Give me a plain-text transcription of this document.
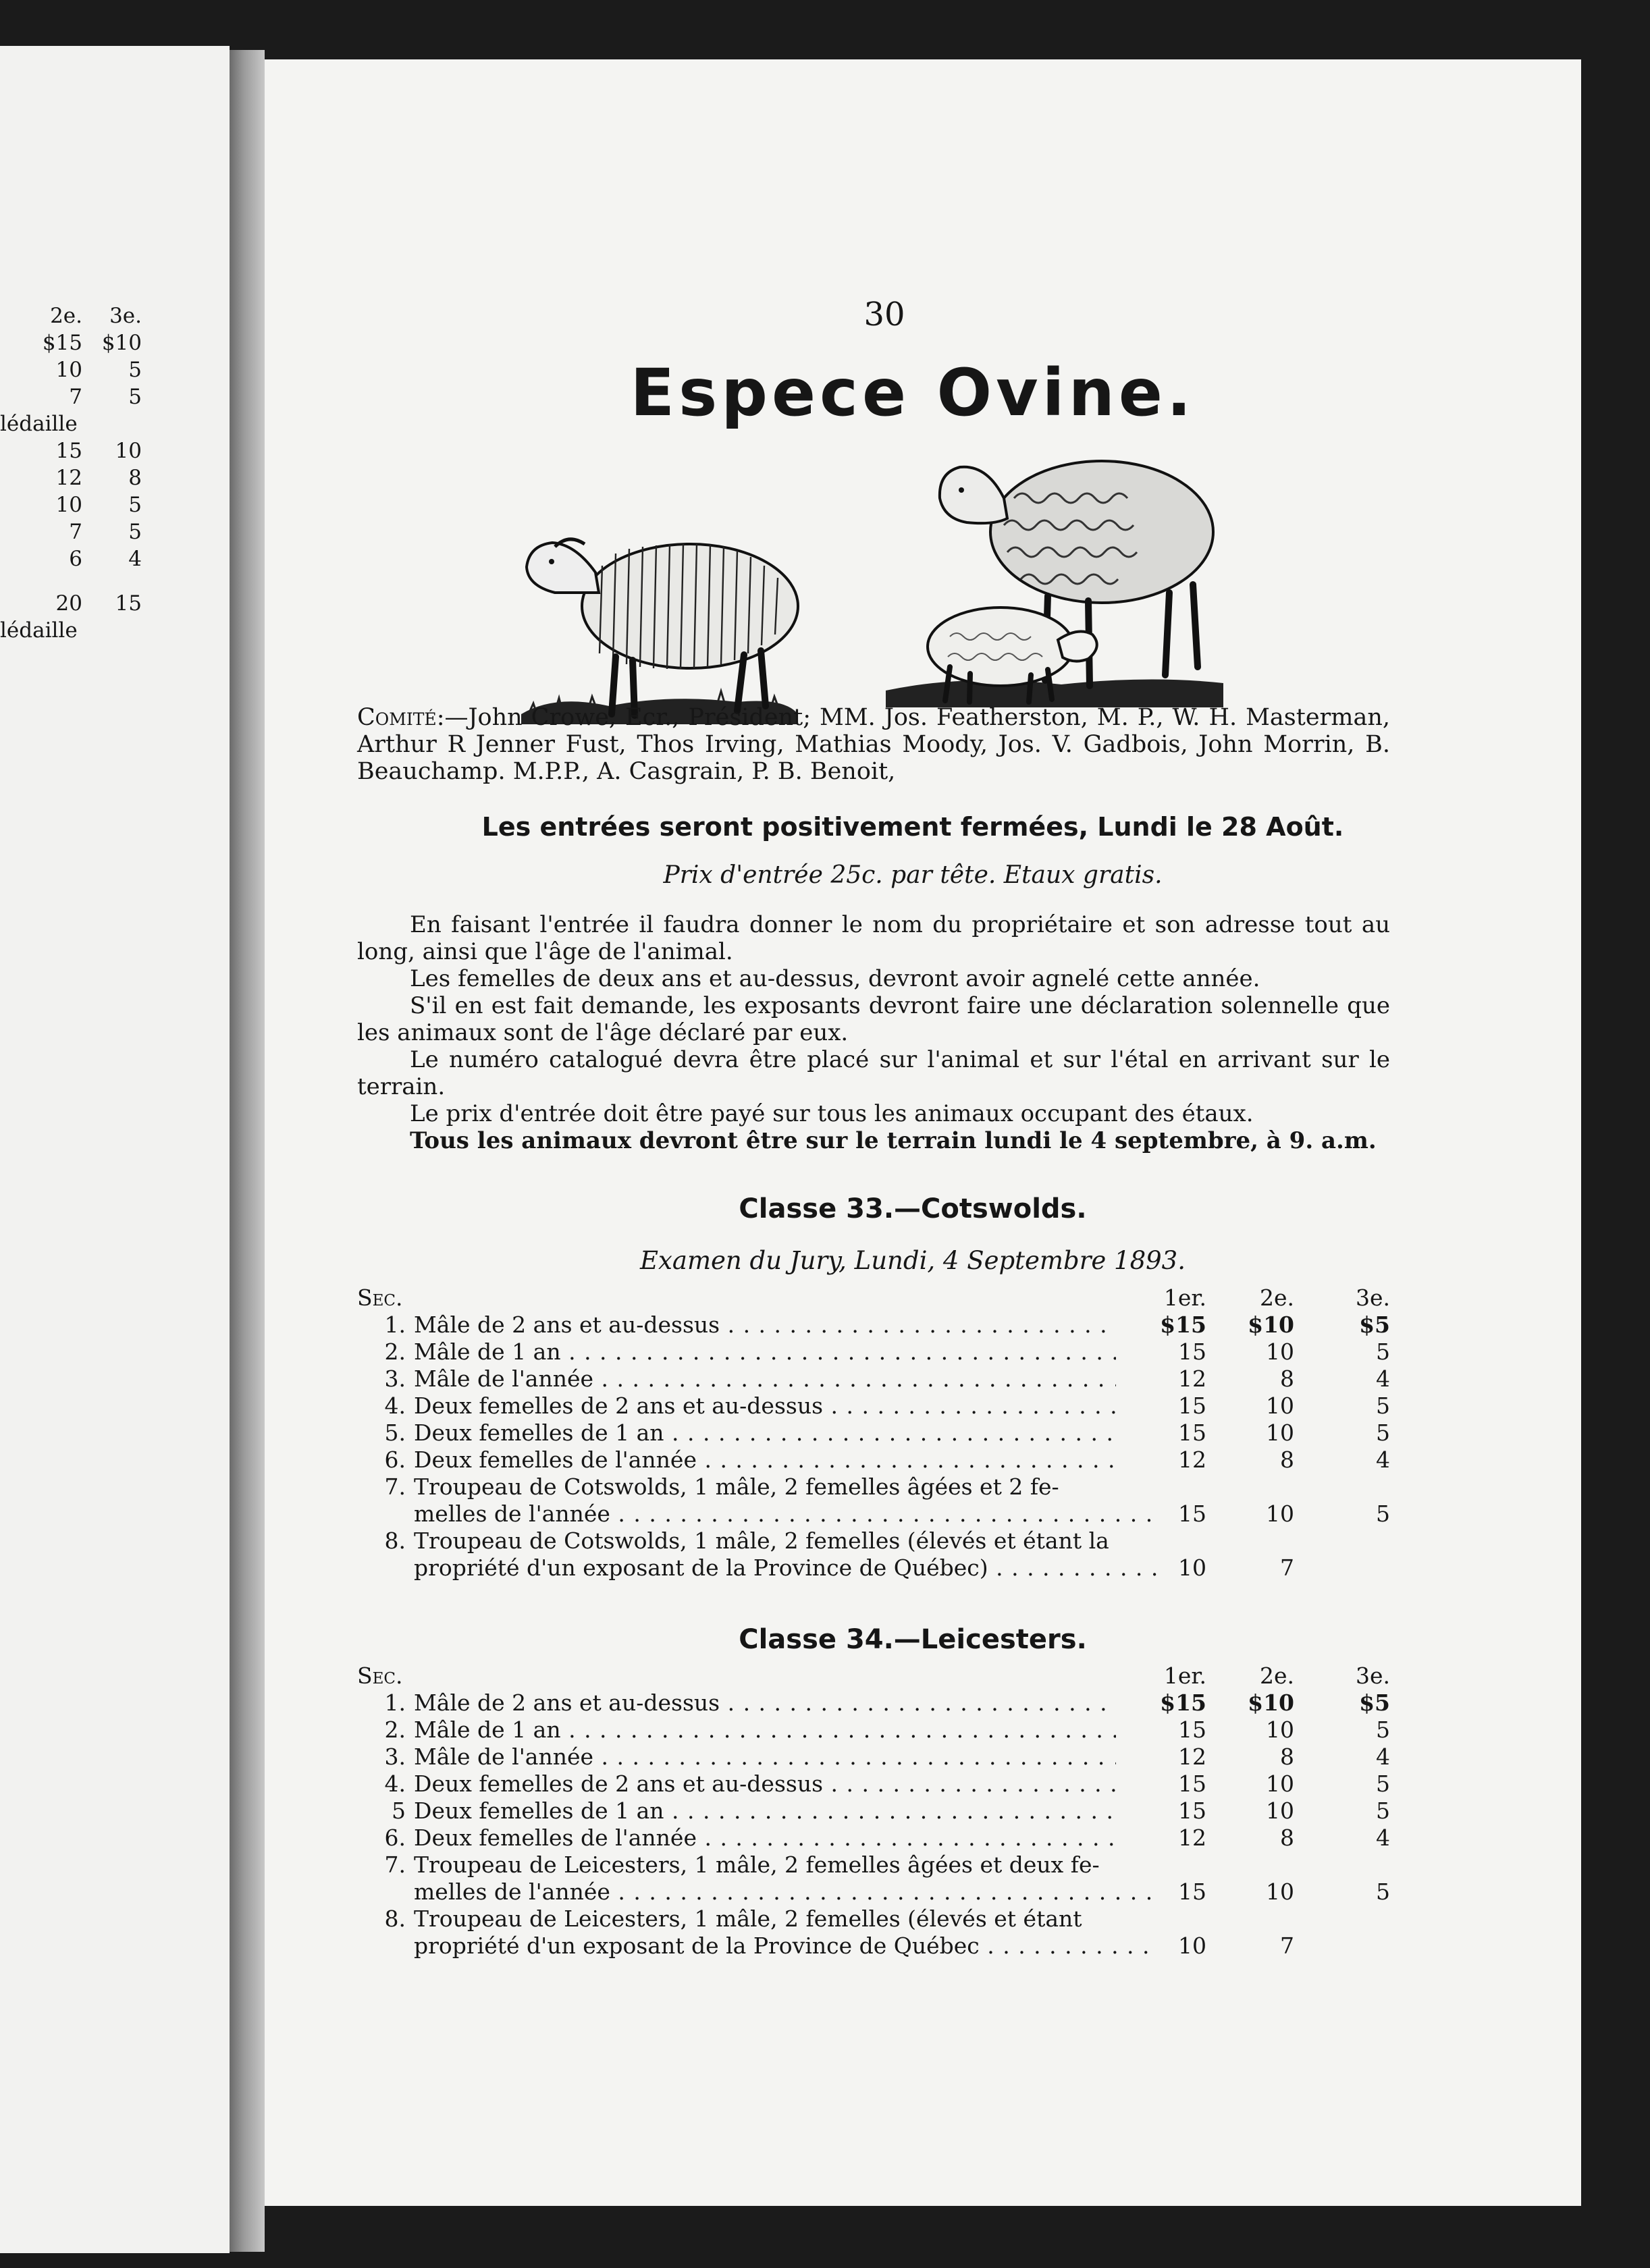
2e. 3e.
$15 $10
10 5
7 5
lédaille
15 10
12 8
10 5
7 5
6 4
20 15
lédaille
30
Espece Ovine.
Comité:—John Crowe, Ecr., Président; MM. Jos. Featherston, M. P., W. H. Masterman, Arthur R Jenner Fust, Thos Irving, Mathias Moody, Jos. V. Gadbois, John Morrin, B. Beauchamp. M.P.P., A. Casgrain, P. B. Benoit,
Les entrées seront positivement fermées, Lundi le 28 Août.
Prix d'entrée 25c. par tête. Etaux gratis.

En faisant l'entrée il faudra donner le nom du propriétaire et son adresse tout au long, ainsi que l'âge de l'animal.

Les femelles de deux ans et au-dessus, devront avoir agnelé cette année.

S'il en est fait demande, les exposants devront faire une déclaration solennelle que les animaux sont de l'âge déclaré par eux.

Le numéro catalogué devra être placé sur l'animal et sur l'étal en arrivant sur le terrain.

Le prix d'entrée doit être payé sur tous les animaux occupant des étaux.

Tous les animaux devront être sur le terrain lundi le 4 septembre, à 9. a.m.

Classe 33.—Cotswolds.
Examen du Jury, Lundi, 4 Septembre 1893.
Sec.	1er.	2e.	3e.
1. Mâle de 2 ans et au-dessus . . .	$15	$10	$5
2. Mâle de 1 an . . .	15	10	5
3. Mâle de l'année . . .	12	8	4
4. Deux femelles de 2 ans et au-dessus . . .	15	10	5
5. Deux femelles de 1 an . . .	15	10	5
6. Deux femelles de l'année . . .	12	8	4
7. Troupeau de Cotswolds, 1 mâle, 2 femelles âgées et 2 fe-
melles de l'année . . .	15	10	5
8. Troupeau de Cotswolds, 1 mâle, 2 femelles (élevés et étant la
propriété d'un exposant de la Province de Québec) . . .	10	7
Classe 34.—Leicesters.
Sec.	1er.	2e.	3e.
1. Mâle de 2 ans et au-dessus . . .	$15	$10	$5
2. Mâle de 1 an . . .	15	10	5
3. Mâle de l'année . . .	12	8	4
4. Deux femelles de 2 ans et au-dessus . . .	15	10	5
5 Deux femelles de 1 an . . .	15	10	5
6. Deux femelles de l'année . . .	12	8	4
7. Troupeau de Leicesters, 1 mâle, 2 femelles âgées et deux fe-
melles de l'année . . .	15	10	5
8. Troupeau de Leicesters, 1 mâle, 2 femelles (élevés et étant
propriété d'un exposant de la Province de Québec . . .	10	7
